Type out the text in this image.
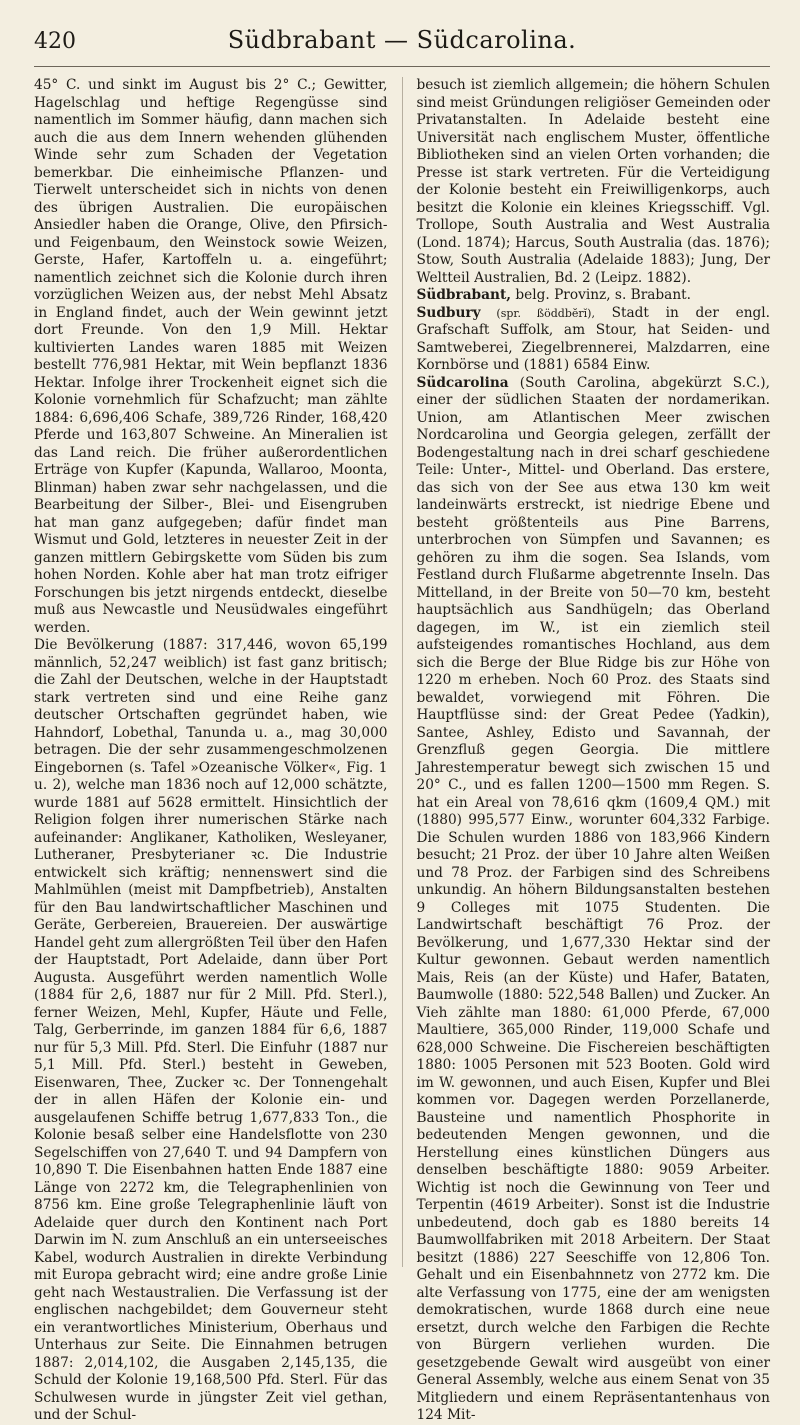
420	Südbrabant — Südcarolina.

45° C. und sinkt im August bis 2° C.; Gewitter, Hagelschlag und heftige Regengüsse sind namentlich im Sommer häufig, dann machen sich auch die aus dem Innern wehenden glühenden Winde sehr zum Schaden der Vegetation bemerkbar. Die einheimische Pflanzen- und Tierwelt unterscheidet sich in nichts von denen des übrigen Australien. Die europäischen Ansiedler haben die Orange, Olive, den Pfirsich- und Feigenbaum, den Weinstock sowie Weizen, Gerste, Hafer, Kartoffeln u. a. eingeführt; namentlich zeichnet sich die Kolonie durch ihren vorzüglichen Weizen aus, der nebst Mehl Absatz in England findet, auch der Wein gewinnt jetzt dort Freunde. Von den 1,9 Mill. Hektar kultivierten Landes waren 1885 mit Weizen bestellt 776,981 Hektar, mit Wein bepflanzt 1836 Hektar. Infolge ihrer Trockenheit eignet sich die Kolonie vornehmlich für Schafzucht; man zählte 1884: 6,696,406 Schafe, 389,726 Rinder, 168,420 Pferde und 163,807 Schweine. An Mineralien ist das Land reich. Die früher außerordentlichen Erträge von Kupfer (Kapunda, Wallaroo, Moonta, Blinman) haben zwar sehr nachgelassen, und die Bearbeitung der Silber-, Blei- und Eisengruben hat man ganz aufgegeben; dafür findet man Wismut und Gold, letzteres in neuester Zeit in der ganzen mittlern Gebirgskette vom Süden bis zum hohen Norden. Kohle aber hat man trotz eifriger Forschungen bis jetzt nirgends entdeckt, dieselbe muß aus Newcastle und Neusüdwales eingeführt werden.

Die Bevölkerung (1887: 317,446, wovon 65,199 männlich, 52,247 weiblich) ist fast ganz britisch; die Zahl der Deutschen, welche in der Hauptstadt stark vertreten sind und eine Reihe ganz deutscher Ortschaften gegründet haben, wie Hahndorf, Lobethal, Tanunda u. a., mag 30,000 betragen. Die der sehr zusammengeschmolzenen Eingebornen (s. Tafel »Ozeanische Völker«, Fig. 1 u. 2), welche man 1836 noch auf 12,000 schätzte, wurde 1881 auf 5628 ermittelt. Hinsichtlich der Religion folgen ihrer numerischen Stärke nach aufeinander: Anglikaner, Katholiken, Wesleyaner, Lutheraner, Presbyterianer ꝛc. Die Industrie entwickelt sich kräftig; nennenswert sind die Mahlmühlen (meist mit Dampfbetrieb), Anstalten für den Bau landwirtschaftlicher Maschinen und Geräte, Gerbereien, Brauereien. Der auswärtige Handel geht zum allergrößten Teil über den Hafen der Hauptstadt, Port Adelaide, dann über Port Augusta. Ausgeführt werden namentlich Wolle (1884 für 2,6, 1887 nur für 2 Mill. Pfd. Sterl.), ferner Weizen, Mehl, Kupfer, Häute und Felle, Talg, Gerberrinde, im ganzen 1884 für 6,6, 1887 nur für 5,3 Mill. Pfd. Sterl. Die Einfuhr (1887 nur 5,1 Mill. Pfd. Sterl.) besteht in Geweben, Eisenwaren, Thee, Zucker ꝛc. Der Tonnengehalt der in allen Häfen der Kolonie ein- und ausgelaufenen Schiffe betrug 1,677,833 Ton., die Kolonie besaß selber eine Handelsflotte von 230 Segelschiffen von 27,640 T. und 94 Dampfern von 10,890 T. Die Eisenbahnen hatten Ende 1887 eine Länge von 2272 km, die Telegraphenlinien von 8756 km. Eine große Telegraphenlinie läuft von Adelaide quer durch den Kontinent nach Port Darwin im N. zum Anschluß an ein unterseeisches Kabel, wodurch Australien in direkte Verbindung mit Europa gebracht wird; eine andre große Linie geht nach Westaustralien. Die Verfassung ist der englischen nachgebildet; dem Gouverneur steht ein verantwortliches Ministerium, Oberhaus und Unterhaus zur Seite. Die Einnahmen betrugen 1887: 2,014,102, die Ausgaben 2,145,135, die Schuld der Kolonie 19,168,500 Pfd. Sterl. Für das Schulwesen wurde in jüngster Zeit viel gethan, und der Schul-

besuch ist ziemlich allgemein; die höhern Schulen sind meist Gründungen religiöser Gemeinden oder Privatanstalten. In Adelaide besteht eine Universität nach englischem Muster, öffentliche Bibliotheken sind an vielen Orten vorhanden; die Presse ist stark vertreten. Für die Verteidigung der Kolonie besteht ein Freiwilligenkorps, auch besitzt die Kolonie ein kleines Kriegsschiff. Vgl. Trollope, South Australia and West Australia (Lond. 1874); Harcus, South Australia (das. 1876); Stow, South Australia (Adelaide 1883); Jung, Der Weltteil Australien, Bd. 2 (Leipz. 1882).

Südbrabant, belg. Provinz, s. Brabant.

Sudbury (spr. ßöddbĕrĭ), Stadt in der engl. Grafschaft Suffolk, am Stour, hat Seiden- und Samtweberei, Ziegelbrennerei, Malzdarren, eine Kornbörse und (1881) 6584 Einw.

Südcarolina (South Carolina, abgekürzt S.C.), einer der südlichen Staaten der nordamerikan. Union, am Atlantischen Meer zwischen Nordcarolina und Georgia gelegen, zerfällt der Bodengestaltung nach in drei scharf geschiedene Teile: Unter-, Mittel- und Oberland. Das erstere, das sich von der See aus etwa 130 km weit landeinwärts erstreckt, ist niedrige Ebene und besteht größtenteils aus Pine Barrens, unterbrochen von Sümpfen und Savannen; es gehören zu ihm die sogen. Sea Islands, vom Festland durch Flußarme abgetrennte Inseln. Das Mittelland, in der Breite von 50—70 km, besteht hauptsächlich aus Sandhügeln; das Oberland dagegen, im W., ist ein ziemlich steil aufsteigendes romantisches Hochland, aus dem sich die Berge der Blue Ridge bis zur Höhe von 1220 m erheben. Noch 60 Proz. des Staats sind bewaldet, vorwiegend mit Föhren. Die Hauptflüsse sind: der Great Pedee (Yadkin), Santee, Ashley, Edisto und Savannah, der Grenzfluß gegen Georgia. Die mittlere Jahrestemperatur bewegt sich zwischen 15 und 20° C., und es fallen 1200—1500 mm Regen. S. hat ein Areal von 78,616 qkm (1609,4 QM.) mit (1880) 995,577 Einw., worunter 604,332 Farbige. Die Schulen wurden 1886 von 183,966 Kindern besucht; 21 Proz. der über 10 Jahre alten Weißen und 78 Proz. der Farbigen sind des Schreibens unkundig. An höhern Bildungsanstalten bestehen 9 Colleges mit 1075 Studenten. Die Landwirtschaft beschäftigt 76 Proz. der Bevölkerung, und 1,677,330 Hektar sind der Kultur gewonnen. Gebaut werden namentlich Mais, Reis (an der Küste) und Hafer, Bataten, Baumwolle (1880: 522,548 Ballen) und Zucker. An Vieh zählte man 1880: 61,000 Pferde, 67,000 Maultiere, 365,000 Rinder, 119,000 Schafe und 628,000 Schweine. Die Fischereien beschäftigten 1880: 1005 Personen mit 523 Booten. Gold wird im W. gewonnen, und auch Eisen, Kupfer und Blei kommen vor. Dagegen werden Porzellanerde, Bausteine und namentlich Phosphorite in bedeutenden Mengen gewonnen, und die Herstellung eines künstlichen Düngers aus denselben beschäftigte 1880: 9059 Arbeiter. Wichtig ist noch die Gewinnung von Teer und Terpentin (4619 Arbeiter). Sonst ist die Industrie unbedeutend, doch gab es 1880 bereits 14 Baumwollfabriken mit 2018 Arbeitern. Der Staat besitzt (1886) 227 Seeschiffe von 12,806 Ton. Gehalt und ein Eisenbahnnetz von 2772 km. Die alte Verfassung von 1775, eine der am wenigsten demokratischen, wurde 1868 durch eine neue ersetzt, durch welche den Farbigen die Rechte von Bürgern verliehen wurden. Die gesetzgebende Gewalt wird ausgeübt von einer General Assembly, welche aus einem Senat von 35 Mitgliedern und einem Repräsentantenhaus von 124 Mit-
